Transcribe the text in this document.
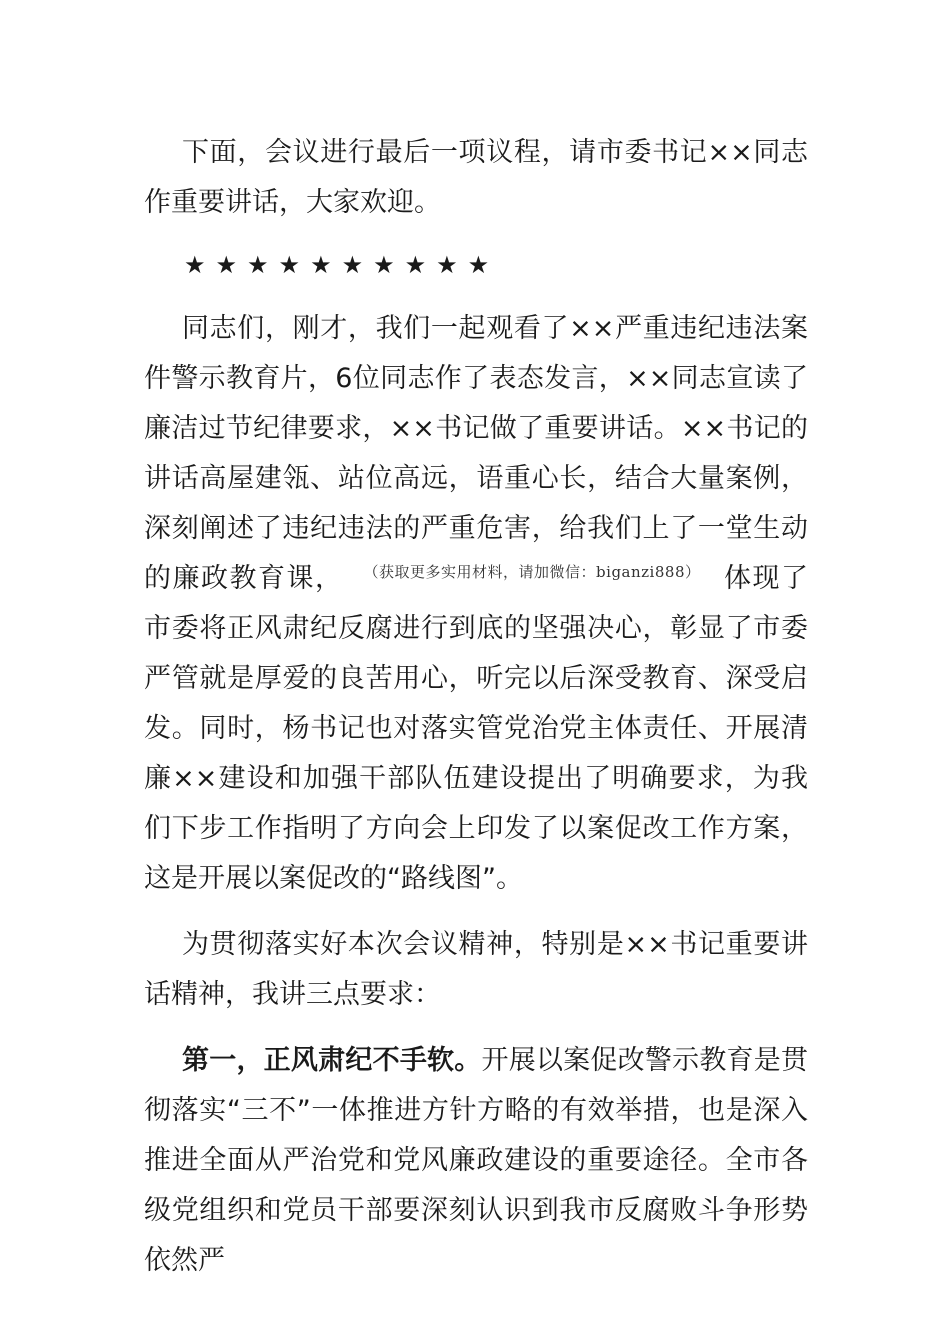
下面，会议进行最后一项议程，请市委书记××同志作重要讲话，大家欢迎。

★★★★★★★★★★

同志们，刚才，我们一起观看了××严重违纪违法案件警示教育片，6位同志作了表态发言，××同志宣读了廉洁过节纪律要求，××书记做了重要讲话。××书记的讲话高屋建瓴、站位高远，语重心长，结合大量案例，深刻阐述了违纪违法的严重危害，给我们上了一堂生动的廉政教育课， （获取更多实用材料，请加微信：biganzi888） 体现了市委将正风肃纪反腐进行到底的坚强决心，彰显了市委严管就是厚爱的良苦用心，听完以后深受教育、深受启发。同时，杨书记也对落实管党治党主体责任、开展清廉××建设和加强干部队伍建设提出了明确要求，为我们下步工作指明了方向会上印发了以案促改工作方案，这是开展以案促改的“路线图”。

为贯彻落实好本次会议精神，特别是××书记重要讲话精神，我讲三点要求：

第一，正风肃纪不手软。开展以案促改警示教育是贯彻落实“三不”一体推进方针方略的有效举措，也是深入推进全面从严治党和党风廉政建设的重要途径。全市各级党组织和党员干部要深刻认识到我市反腐败斗争形势依然严
